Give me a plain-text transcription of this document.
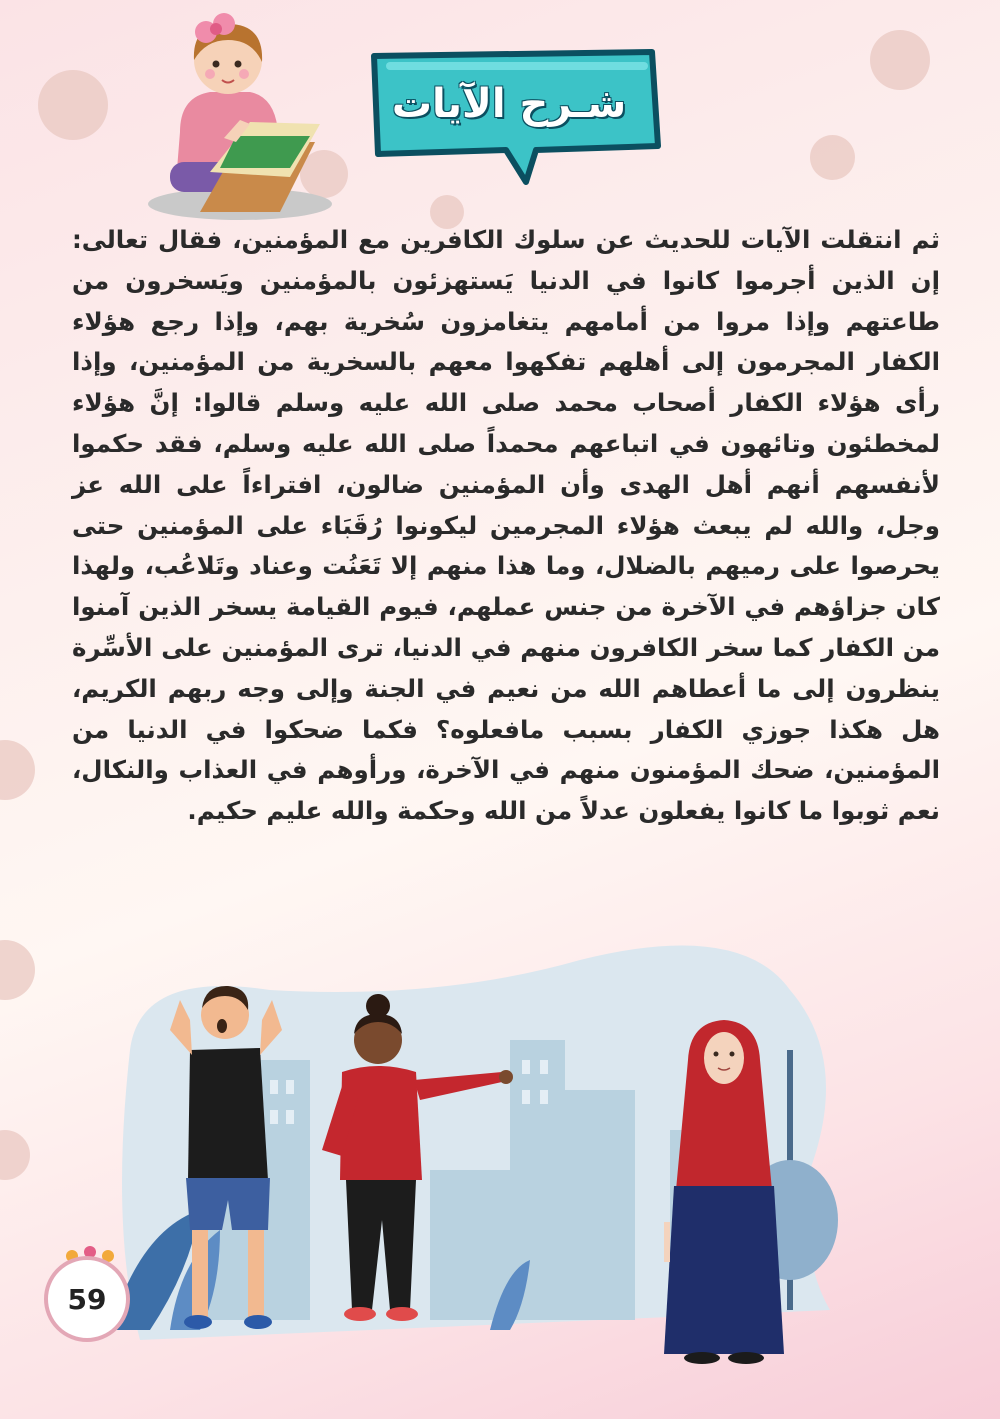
شـرح الآيات

ثم انتقلت الآيات للحديث عن سلوك الكافرين مع المؤمنين، فقال تعالى: إن الذين أجرموا كانوا في الدنيا يَستهزئون بالمؤمنين ويَسخرون من طاعتهم وإذا مروا من أمامهم يتغامزون سُخرية بهم، وإذا رجع هؤلاء الكفار المجرمون إلى أهلهم تفكهوا معهم بالسخرية من المؤمنين، وإذا رأى هؤلاء الكفار أصحاب محمد صلى الله عليه وسلم قالوا: إنَّ هؤلاء لمخطئون وتائهون في اتباعهم محمداً صلى الله عليه وسلم، فقد حكموا لأنفسهم أنهم أهل الهدى وأن المؤمنين ضالون، افتراءاً على الله عز وجل، والله لم يبعث هؤلاء المجرمين ليكونوا رُقَبَاء على المؤمنين حتى يحرصوا على رميهم بالضلال، وما هذا منهم إلا تَعَنُت وعناد وتَلاعُب، ولهذا كان جزاؤهم في الآخرة من جنس عملهم، فيوم القيامة يسخر الذين آمنوا من الكفار كما سخر الكافرون منهم في الدنيا، ترى المؤمنين على الأسِّرة ينظرون إلى ما أعطاهم الله من نعيم في الجنة وإلى وجه ربهم الكريم، هل هكذا جوزي الكفار بسبب مافعلوه؟ فكما ضحكوا في الدنيا من المؤمنين، ضحك المؤمنون منهم في الآخرة، ورأوهم في العذاب والنكال، نعم ثوبوا ما كانوا يفعلون عدلاً من الله وحكمة والله عليم حكيم.

59
